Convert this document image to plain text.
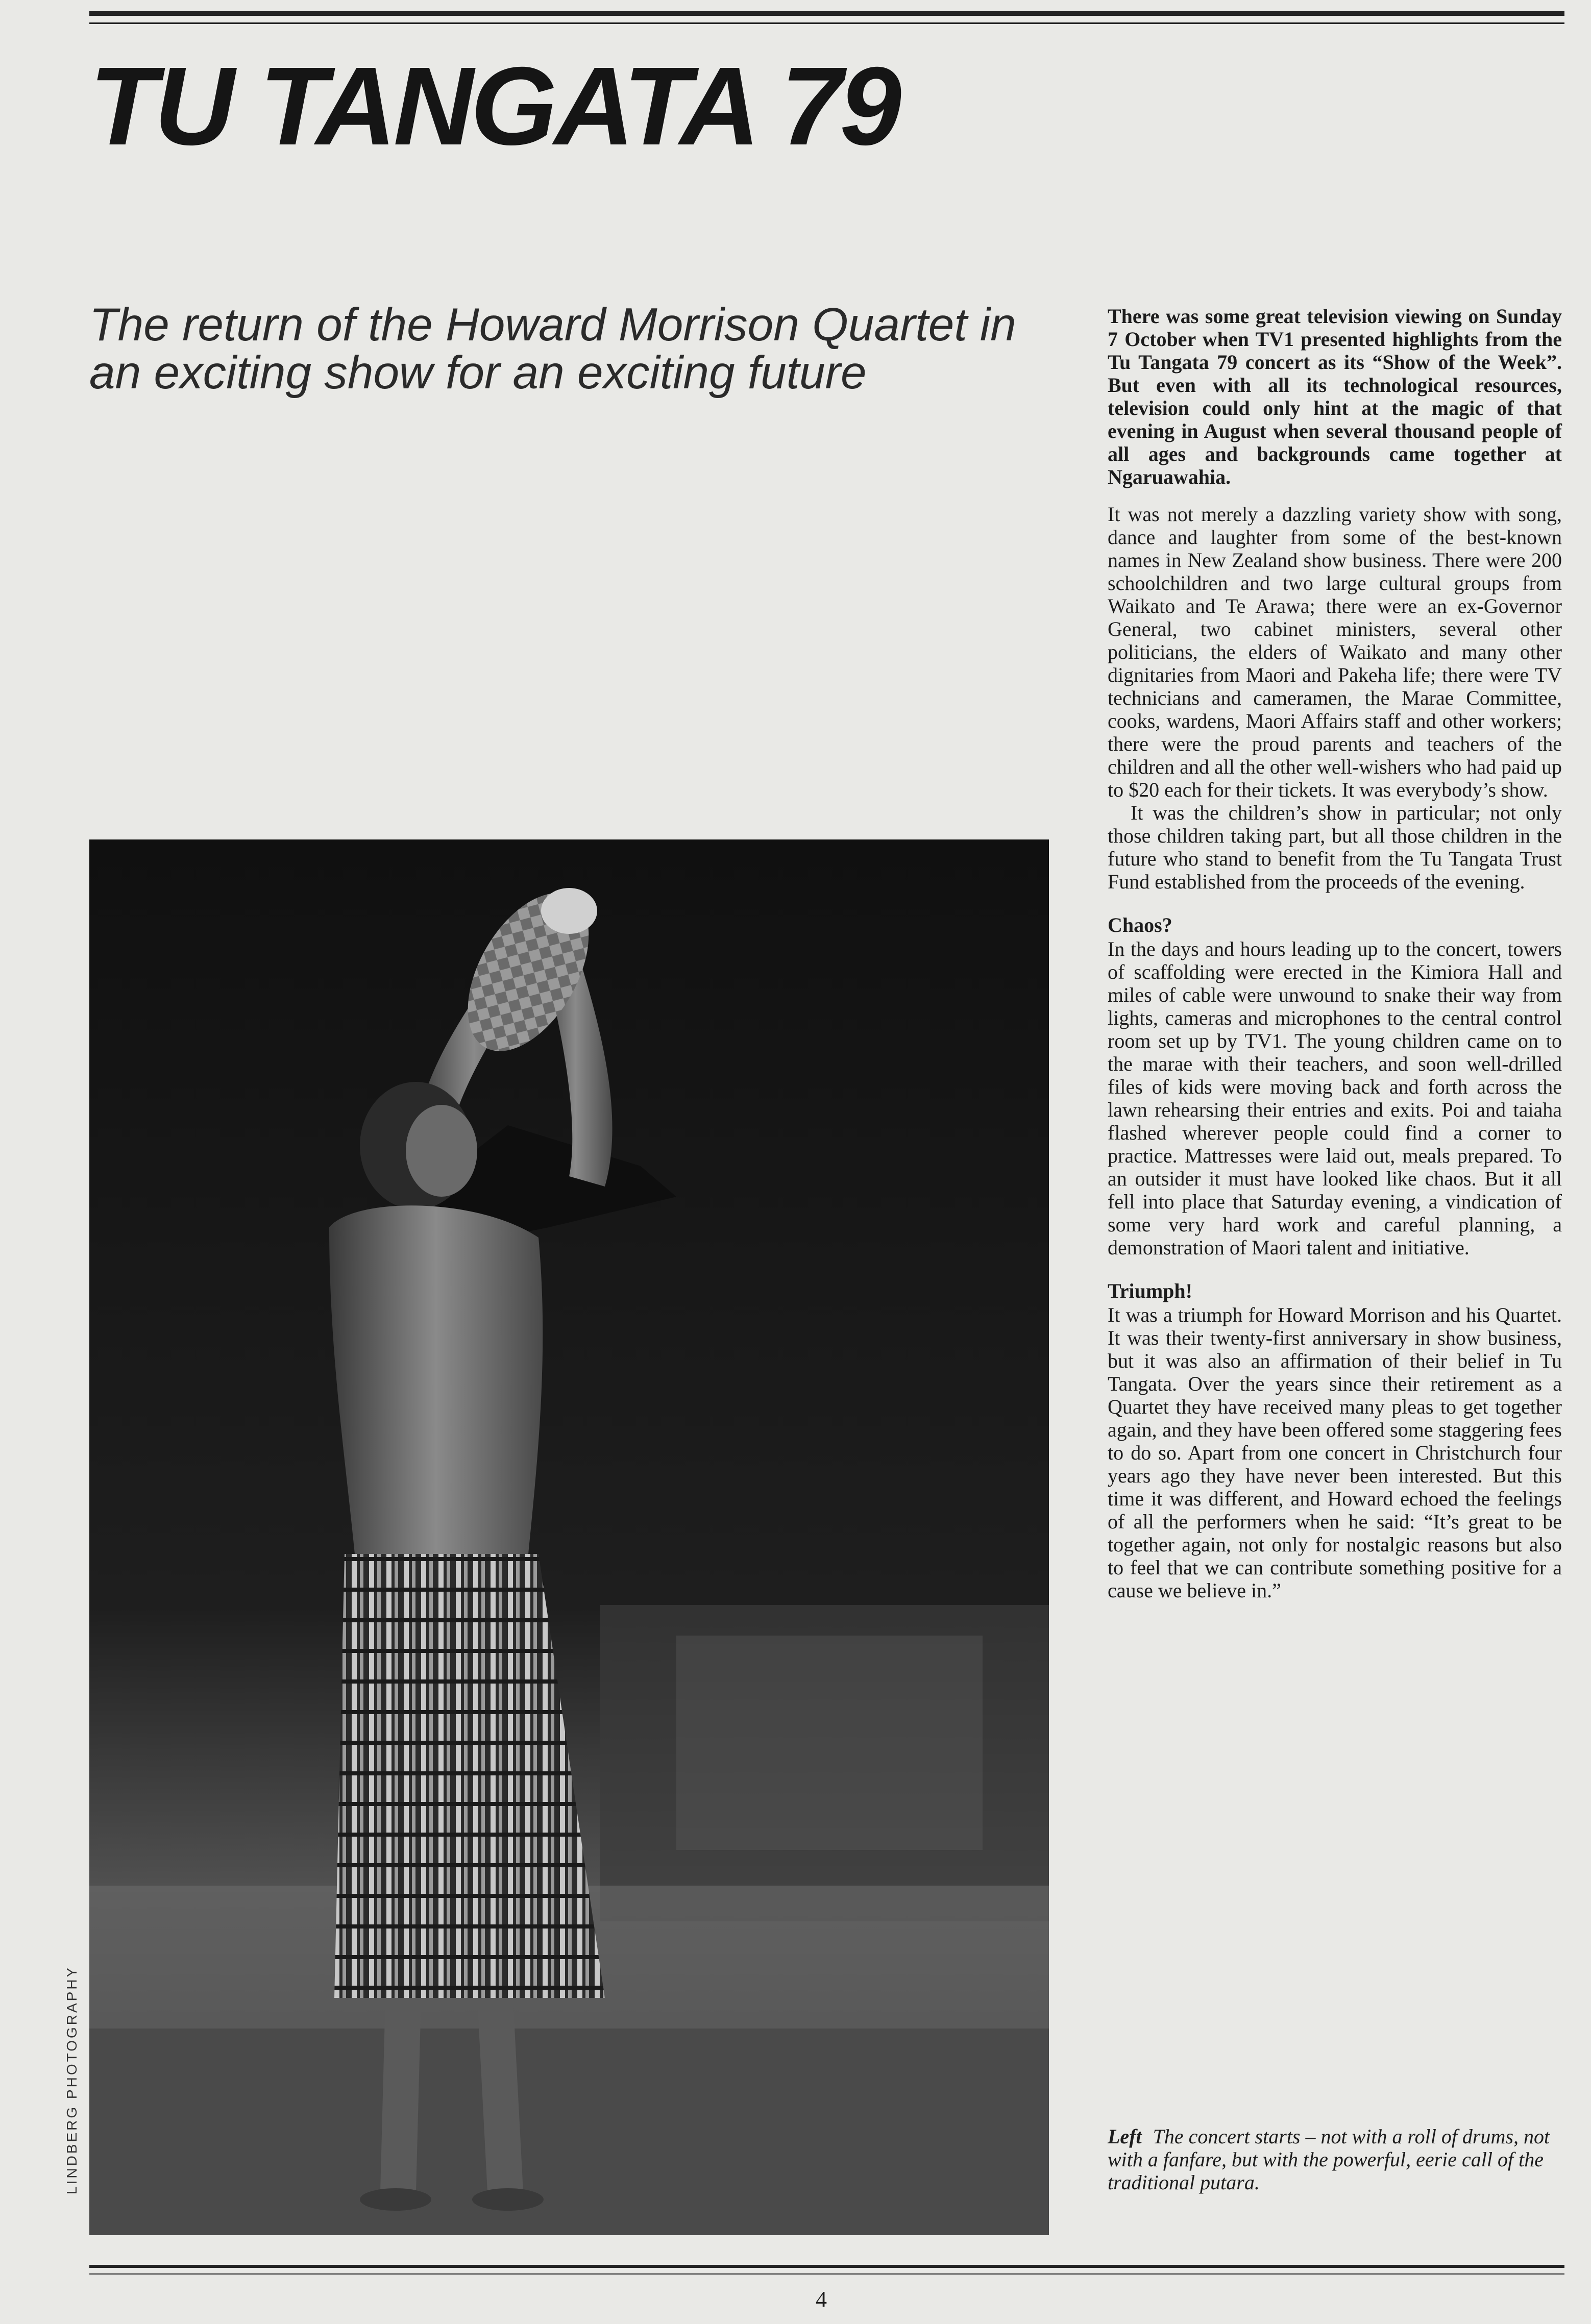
TU TANGATA 79
The return of the Howard Morrison Quartet in an exciting show for an exciting future
LINDBERG PHOTOGRAPHY

There was some great television viewing on Sunday 7 October when TV1 presented highlights from the Tu Tangata 79 concert as its “Show of the Week”. But even with all its technological resources, television could only hint at the magic of that evening in August when several thousand people of all ages and backgrounds came together at Ngaruawahia.

It was not merely a dazzling variety show with song, dance and laughter from some of the best-known names in New Zealand show business. There were 200 schoolchildren and two large cultural groups from Waikato and Te Arawa; there were an ex-Governor General, two cabinet ministers, several other politicians, the elders of Waikato and many other dignitaries from Maori and Pakeha life; there were TV technicians and cameramen, the Marae Committee, cooks, wardens, Maori Affairs staff and other workers; there were the proud parents and teachers of the children and all the other well-wishers who had paid up to $20 each for their tickets. It was everybody’s show.

It was the children’s show in particular; not only those children taking part, but all those children in the future who stand to benefit from the Tu Tangata Trust Fund established from the proceeds of the evening.

Chaos?

In the days and hours leading up to the concert, towers of scaffolding were erected in the Kimiora Hall and miles of cable were unwound to snake their way from lights, cameras and microphones to the central control room set up by TV1. The young children came on to the marae with their teachers, and soon well-drilled files of kids were moving back and forth across the lawn rehearsing their entries and exits. Poi and taiaha flashed wherever people could find a corner to practice. Mattresses were laid out, meals prepared. To an outsider it must have looked like chaos. But it all fell into place that Saturday evening, a vindication of some very hard work and careful planning, a demonstration of Maori talent and initiative.

Triumph!

It was a triumph for Howard Morrison and his Quartet. It was their twenty-first anniversary in show business, but it was also an affirmation of their belief in Tu Tangata. Over the years since their retirement as a Quartet they have received many pleas to get together again, and they have been offered some staggering fees to do so. Apart from one concert in Christchurch four years ago they have never been interested. But this time it was different, and Howard echoed the feelings of all the performers when he said: “It’s great to be together again, not only for nostalgic reasons but also to feel that we can contribute something positive for a cause we believe in.”

Left The concert starts – not with a roll of drums, not with a fanfare, but with the powerful, eerie call of the traditional putara.

4
